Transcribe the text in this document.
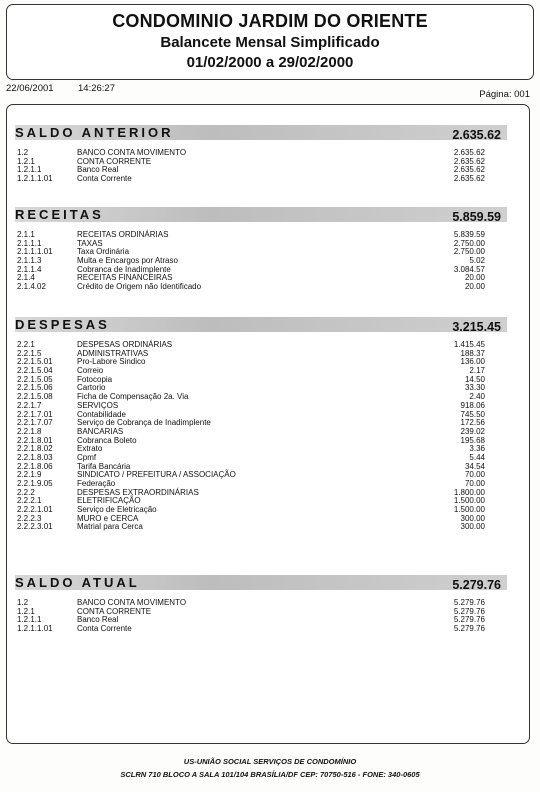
CONDOMINIO JARDIM DO ORIENTE
Balancete Mensal Simplificado
01/02/2000 a 29/02/2000
22/06/2001	14:26:27
Página: 001
SALDO ANTERIOR	2.635.62
1.2	BANCO CONTA MOVIMENTO	2.635.62
1.2.1	CONTA CORRENTE	2.635.62
1.2.1.1	Banco Real	2.635.62
1.2.1.1.01	Conta Corrente	2.635.62
RECEITAS	5.859.59
2.1.1	RECEITAS ORDINÁRIAS	5.839.59
2.1.1.1	TAXAS	2.750.00
2.1.1.1.01	Taxa Ordinária	2.750.00
2.1.1.3	Multa e Encargos por Atraso	5.02
2.1.1.4	Cobranca de Inadimplente	3.084.57
2.1.4	RECEITAS FINANCEIRAS	20.00
2.1.4.02	Crédito de Origem não Identificado	20.00
DESPESAS	3.215.45
2.2.1	DESPESAS ORDINÁRIAS	1.415.45
2.2.1.5	ADMINISTRATIVAS	188.37
2.2.1.5.01	Pro-Labore Sindico	136.00
2.2.1.5.04	Correio	2.17
2.2.1.5.05	Fotocopia	14.50
2.2.1.5.06	Cartorio	33.30
2.2.1.5.08	Ficha de Compensação 2a. Via	2.40
2.2.1.7	SERVIÇOS	918.06
2.2.1.7.01	Contabilidade	745.50
2.2.1.7.07	Serviço de Cobrança de Inadimplente	172.56
2.2.1.8	BANCARIAS	239.02
2.2.1.8.01	Cobranca Boleto	195.68
2.2.1.8.02	Extrato	3.36
2.2.1.8.03	Cpmf	5.44
2.2.1.8.06	Tarifa Bancária	34.54
2.2.1.9	SINDICATO / PREFEITURA / ASSOCIAÇÃO	70.00
2.2.1.9.05	Federação	70.00
2.2.2	DESPESAS EXTRAORDINÁRIAS	1.800.00
2.2.2.1	ELETRIFICAÇÃO	1.500.00
2.2.2.1.01	Serviço de Eletricação	1.500.00
2.2.2.3	MURO e CERCA	300.00
2.2.2.3.01	Matrial para Cerca	300.00
SALDO ATUAL	5.279.76
1.2	BANCO CONTA MOVIMENTO	5.279.76
1.2.1	CONTA CORRENTE	5.279.76
1.2.1.1	Banco Real	5.279.76
1.2.1.1.01	Conta Corrente	5.279.76
US-UNIÃO SOCIAL SERVIÇOS DE CONDOMÍNIO
SCLRN 710 BLOCO A SALA 101/104 BRASÍLIA/DF CEP: 70750-516 - FONE: 340-0605
